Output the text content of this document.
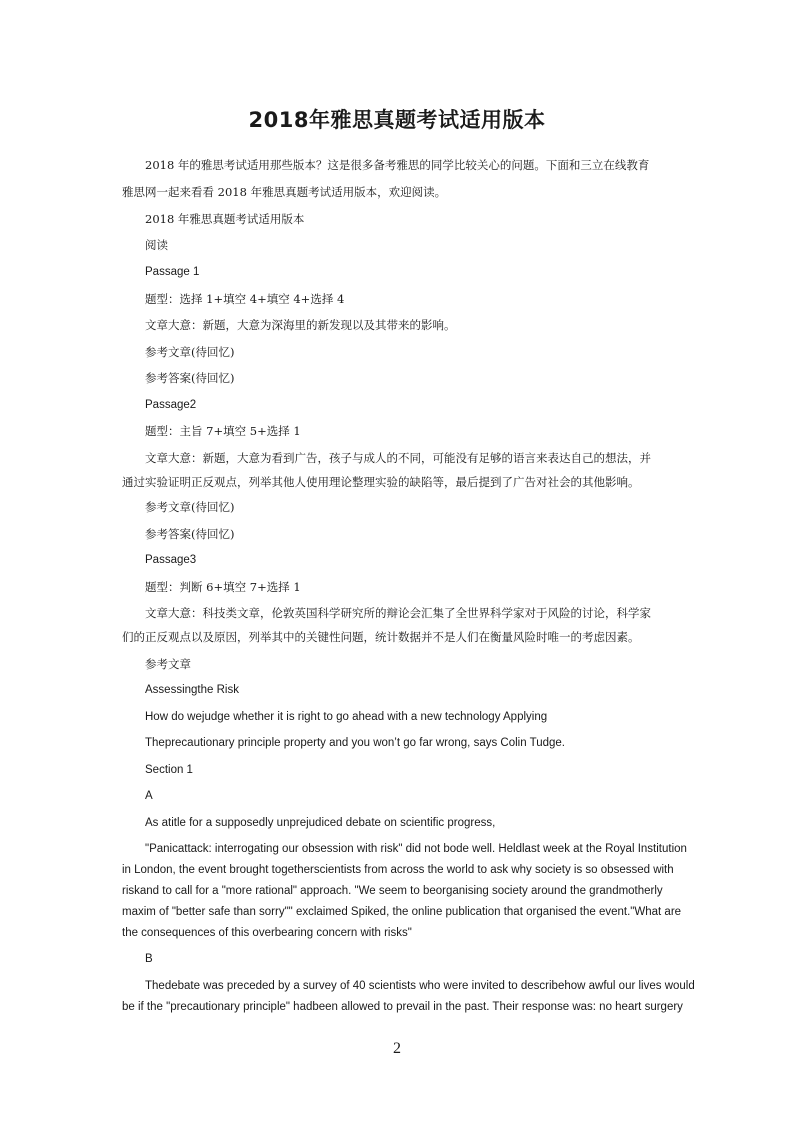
2018年雅思真题考试适用版本
2018 年的雅思考试适用那些版本？这是很多备考雅思的同学比较关心的问题。下面和三立在线教育
雅思网一起来看看 2018 年雅思真题考试适用版本，欢迎阅读。
2018 年雅思真题考试适用版本
阅读
Passage 1
题型：选择 1+填空 4+填空 4+选择 4
文章大意：新题，大意为深海里的新发现以及其带来的影响。
参考文章(待回忆)
参考答案(待回忆)
Passage2
题型：主旨 7+填空 5+选择 1
文章大意：新题，大意为看到广告，孩子与成人的不同，可能没有足够的语言来表达自己的想法，并
通过实验证明正反观点，列举其他人使用理论整理实验的缺陷等，最后提到了广告对社会的其他影响。
参考文章(待回忆)
参考答案(待回忆)
Passage3
题型：判断 6+填空 7+选择 1
文章大意：科技类文章，伦敦英国科学研究所的辩论会汇集了全世界科学家对于风险的讨论，科学家
们的正反观点以及原因，列举其中的关键性问题，统计数据并不是人们在衡量风险时唯一的考虑因素。
参考文章
Assessingthe Risk
How do wejudge whether it is right to go ahead with a new technology Applying
Theprecautionary principle property and you won’t go far wrong, says Colin Tudge.
Section 1
A
As atitle for a supposedly unprejudiced debate on scientific progress,
"Panicattack: interrogating our obsession with risk" did not bode well. Heldlast week at the Royal Institution
in London, the event brought togetherscientists from across the world to ask why society is so obsessed with
riskand to call for a "more rational" approach. "We seem to beorganising society around the grandmotherly
maxim of "better safe than sorry"" exclaimed Spiked, the online publication that organised the event."What are
the consequences of this overbearing concern with risks"
B
Thedebate was preceded by a survey of 40 scientists who were invited to describehow awful our lives would
be if the "precautionary principle" hadbeen allowed to prevail in the past. Their response was: no heart surgery
2
